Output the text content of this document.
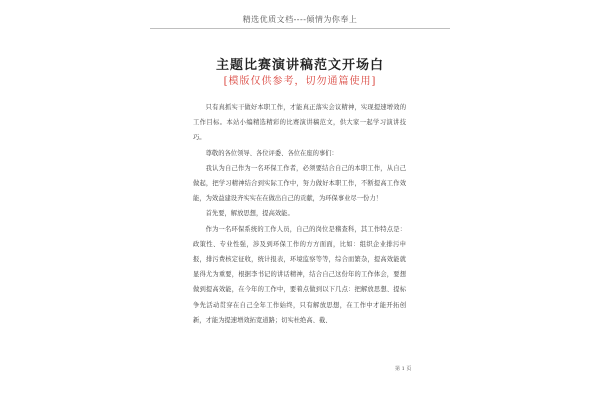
精选优质文档----倾情为你奉上
主题比赛演讲稿范文开场白
[模版仅供参考，切勿通篇使用]

只有真抓实干做好本职工作，才能真正落实会议精神，实现提速增效的工作目标。本站小编精选精彩的比赛演讲稿范文，供大家一起学习演讲技巧。

尊敬的各位领导、各位评委、各位在座的事们：

我认为自己作为一名环保工作者，必须要结合自己的本职工作，从自己做起，把学习精神结合到实际工作中，努力做好本职工作，不断提高工作效能，为效益建设齐实实在在做出自己的贡献，为环保事业尽一份力！

首先要，解放思想，提高效能。

作为一名环保系统的工作人员，自己的岗位是稽查科，其工作特点是：政策性、专业性强，涉及到环保工作的方方面面，比如：组织企业排污申报，排污费核定征收，统计报表，环境监察等等，综合而繁杂，提高效能就显得尤为重要，根据李书记的讲话精神，结合自己这份年的工作体会，要想做到提高效能，在今年的工作中，要着点做到以下几点：把解放思想、提标争先活动贯穿在自己全年工作始终，只有解放思想，在工作中才能开拓创新，才能为提速增效拓宽道路；切实杜绝高、截、

第 1 页
